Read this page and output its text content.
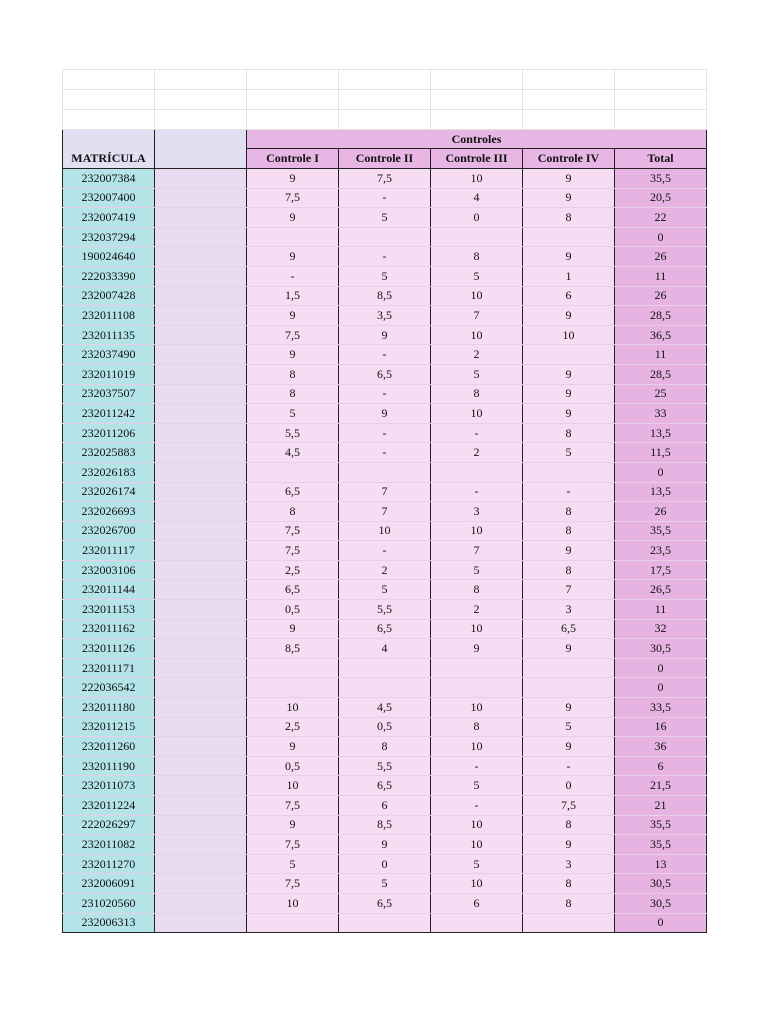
MATRÍCULA		Controles				
		Controle I	Controle II	Controle III	Controle IV	Total
232007384		9	7,5	10	9	35,5
232007400		7,5	-	4	9	20,5
232007419		9	5	0	8	22
232037294						0
190024640		9	-	8	9	26
222033390		-	5	5	1	11
232007428		1,5	8,5	10	6	26
232011108		9	3,5	7	9	28,5
232011135		7,5	9	10	10	36,5
232037490		9	-	2		11
232011019		8	6,5	5	9	28,5
232037507		8	-	8	9	25
232011242		5	9	10	9	33
232011206		5,5	-	-	8	13,5
232025883		4,5	-	2	5	11,5
232026183						0
232026174		6,5	7	-	-	13,5
232026693		8	7	3	8	26
232026700		7,5	10	10	8	35,5
232011117		7,5	-	7	9	23,5
232003106		2,5	2	5	8	17,5
232011144		6,5	5	8	7	26,5
232011153		0,5	5,5	2	3	11
232011162		9	6,5	10	6,5	32
232011126		8,5	4	9	9	30,5
232011171						0
222036542						0
232011180		10	4,5	10	9	33,5
232011215		2,5	0,5	8	5	16
232011260		9	8	10	9	36
232011190		0,5	5,5	-	-	6
232011073		10	6,5	5	0	21,5
232011224		7,5	6	-	7,5	21
222026297		9	8,5	10	8	35,5
232011082		7,5	9	10	9	35,5
232011270		5	0	5	3	13
232006091		7,5	5	10	8	30,5
231020560		10	6,5	6	8	30,5
232006313						0
